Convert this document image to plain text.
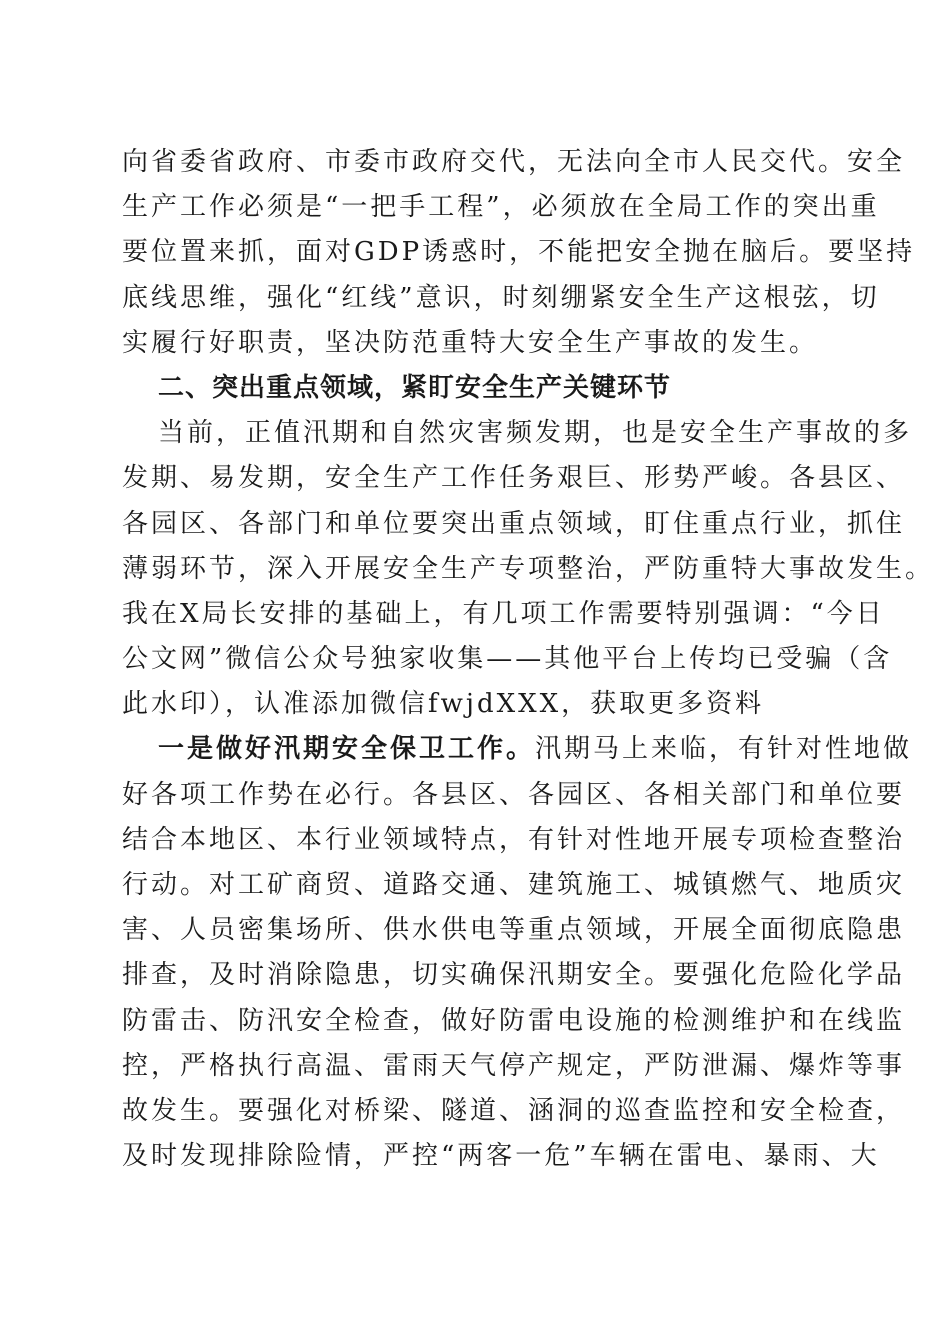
向省委省政府、市委市政府交代，无法向全市人民交代。安全
生产工作必须是“一把手工程”，必须放在全局工作的突出重
要位置来抓，面对GDP诱惑时，不能把安全抛在脑后。要坚持
底线思维，强化“红线”意识，时刻绷紧安全生产这根弦，切
实履行好职责，坚决防范重特大安全生产事故的发生。
二、突出重点领域，紧盯安全生产关键环节
当前，正值汛期和自然灾害频发期，也是安全生产事故的多
发期、易发期，安全生产工作任务艰巨、形势严峻。各县区、
各园区、各部门和单位要突出重点领域，盯住重点行业，抓住
薄弱环节，深入开展安全生产专项整治，严防重特大事故发生。
我在X局长安排的基础上，有几项工作需要特别强调：“今日
公文网”微信公众号独家收集——其他平台上传均已受骗（含
此水印），认准添加微信fwjdXXX，获取更多资料
一是做好汛期安全保卫工作。汛期马上来临，有针对性地做
好各项工作势在必行。各县区、各园区、各相关部门和单位要
结合本地区、本行业领域特点，有针对性地开展专项检查整治
行动。对工矿商贸、道路交通、建筑施工、城镇燃气、地质灾
害、人员密集场所、供水供电等重点领域，开展全面彻底隐患
排查，及时消除隐患，切实确保汛期安全。要强化危险化学品
防雷击、防汛安全检查，做好防雷电设施的检测维护和在线监
控，严格执行高温、雷雨天气停产规定，严防泄漏、爆炸等事
故发生。要强化对桥梁、隧道、涵洞的巡查监控和安全检查，
及时发现排除险情，严控“两客一危”车辆在雷电、暴雨、大
